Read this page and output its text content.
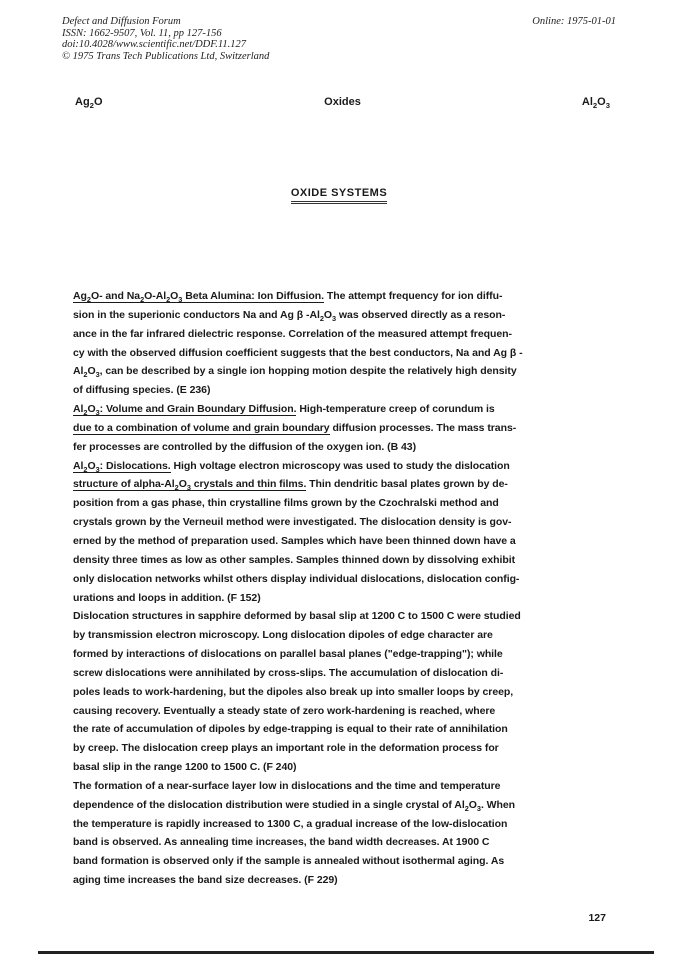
Defect and Diffusion Forum
ISSN: 1662-9507, Vol. 11, pp 127-156
doi:10.4028/www.scientific.net/DDF.11.127
© 1975 Trans Tech Publications Ltd, Switzerland
Online: 1975-01-01
$Ag_2O$	Oxides	$Al_2O_3$
OXIDE SYSTEMS
$Ag_2O-$ and $Na_2O-Al_2O_3$ Beta Alumina: Ion Diffusion. The attempt frequency for ion diffu-
sion in the superionic conductors Na and Ag β $-Al_2O_3$ was observed directly as a reson-
ance in the far infrared dielectric response. Correlation of the measured attempt frequen-
cy with the observed diffusion coefficient suggests that the best conductors, Na and Ag β -
$Al_2O_3$, can be described by a single ion hopping motion despite the relatively high density
of diffusing species. (E 236)
$Al_2O_3$: Volume and Grain Boundary Diffusion. High-temperature creep of corundum is
due to a combination of volume and grain boundary diffusion processes. The mass trans-
fer processes are controlled by the diffusion of the oxygen ion. (B 43)
$Al_2O_3$: Dislocations. High voltage electron microscopy was used to study the dislocation
structure of alpha-$Al_2O_3$ crystals and thin films. Thin dendritic basal plates grown by de-
position from a gas phase, thin crystalline films grown by the Czochralski method and
crystals grown by the Verneuil method were investigated. The dislocation density is gov-
erned by the method of preparation used. Samples which have been thinned down have a
density three times as low as other samples. Samples thinned down by dissolving exhibit
only dislocation networks whilst others display individual dislocations, dislocation config-
urations and loops in addition. (F 152)
Dislocation structures in sapphire deformed by basal slip at 1200 C to 1500 C were studied
by transmission electron microscopy. Long dislocation dipoles of edge character are
formed by interactions of dislocations on parallel basal planes ("edge-trapping"); while
screw dislocations were annihilated by cross-slips. The accumulation of dislocation di-
poles leads to work-hardening, but the dipoles also break up into smaller loops by creep,
causing recovery. Eventually a steady state of zero work-hardening is reached, where
the rate of accumulation of dipoles by edge-trapping is equal to their rate of annihilation
by creep. The dislocation creep plays an important role in the deformation process for
basal slip in the range 1200 to 1500 C. (F 240)
The formation of a near-surface layer low in dislocations and the time and temperature
dependence of the dislocation distribution were studied in a single crystal of $Al_2O_3$. When
the temperature is rapidly increased to 1300 C, a gradual increase of the low-dislocation
band is observed. As annealing time increases, the band width decreases. At 1900 C
band formation is observed only if the sample is annealed without isothermal aging. As
aging time increases the band size decreases. (F 229)
127
